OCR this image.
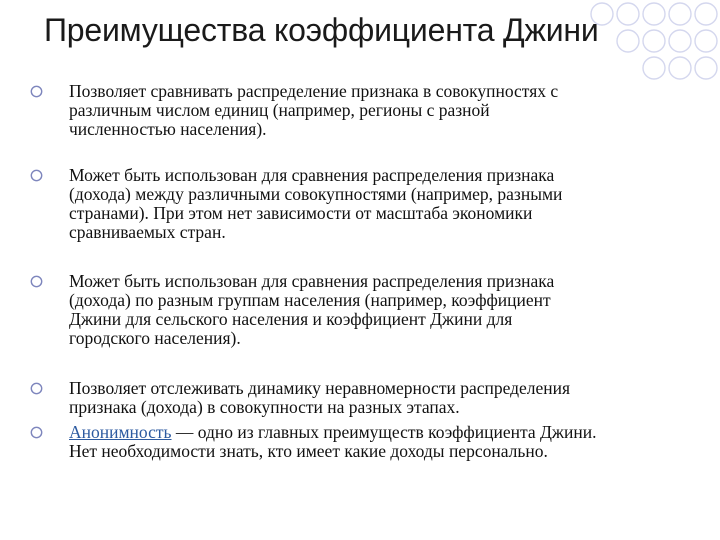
Преимущества коэффициента Джини
Позволяет сравнивать распределение признака в совокупностях с
различным числом единиц (например, регионы с разной
численностью населения).
Может быть использован для сравнения распределения признака
(дохода) между различными совокупностями (например, разными
странами). При этом нет зависимости от масштаба экономики
сравниваемых стран.
Может быть использован для сравнения распределения признака
(дохода) по разным группам населения (например, коэффициент
Джини для сельского населения и коэффициент Джини для
городского населения).
Позволяет отслеживать динамику неравномерности распределения
признака (дохода) в совокупности на разных этапах.
Анонимность — одно из главных преимуществ коэффициента Джини.
Нет необходимости знать, кто имеет какие доходы персонально.
